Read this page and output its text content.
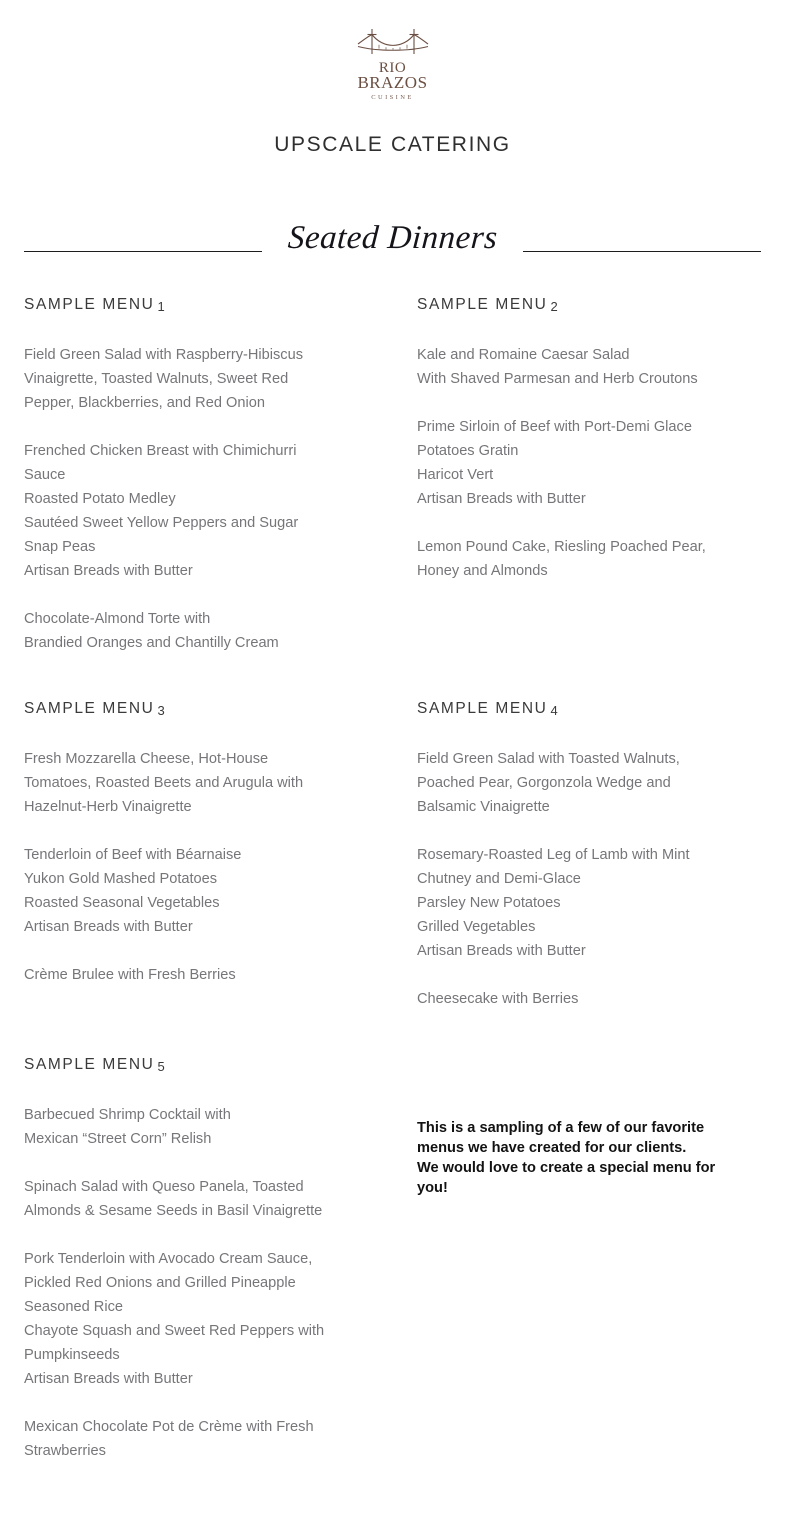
RIO
BRAZOS
CUISINE
UPSCALE CATERING
Seated Dinners
SAMPLE MENU 1
Field Green Salad with Raspberry-Hibiscus
Vinaigrette, Toasted Walnuts, Sweet Red
Pepper, Blackberries, and Red Onion
Frenched Chicken Breast with Chimichurri
Sauce
Roasted Potato Medley
Sautéed Sweet Yellow Peppers and Sugar
Snap Peas
Artisan Breads with Butter
Chocolate-Almond Torte with
Brandied Oranges and Chantilly Cream
SAMPLE MENU 2
Kale and Romaine Caesar Salad
With Shaved Parmesan and Herb Croutons
Prime Sirloin of Beef with Port-Demi Glace
Potatoes Gratin
Haricot Vert
Artisan Breads with Butter
Lemon Pound Cake, Riesling Poached Pear,
Honey and Almonds
SAMPLE MENU 3
Fresh Mozzarella Cheese, Hot-House
Tomatoes, Roasted Beets and Arugula with
Hazelnut-Herb Vinaigrette
Tenderloin of Beef with Béarnaise
Yukon Gold Mashed Potatoes
Roasted Seasonal Vegetables
Artisan Breads with Butter
Crème Brulee with Fresh Berries
SAMPLE MENU 4
Field Green Salad with Toasted Walnuts,
Poached Pear, Gorgonzola Wedge and
Balsamic Vinaigrette
Rosemary-Roasted Leg of Lamb with Mint
Chutney and Demi-Glace
Parsley New Potatoes
Grilled Vegetables
Artisan Breads with Butter
Cheesecake with Berries
SAMPLE MENU 5
Barbecued Shrimp Cocktail with
Mexican “Street Corn” Relish
Spinach Salad with Queso Panela, Toasted
Almonds & Sesame Seeds in Basil Vinaigrette
Pork Tenderloin with Avocado Cream Sauce,
Pickled Red Onions and Grilled Pineapple
Seasoned Rice
Chayote Squash and Sweet Red Peppers with
Pumpkinseeds
Artisan Breads with Butter
Mexican Chocolate Pot de Crème with Fresh
Strawberries
This is a sampling of a few of our favorite
menus we have created for our clients.
We would love to create a special menu for
you!
